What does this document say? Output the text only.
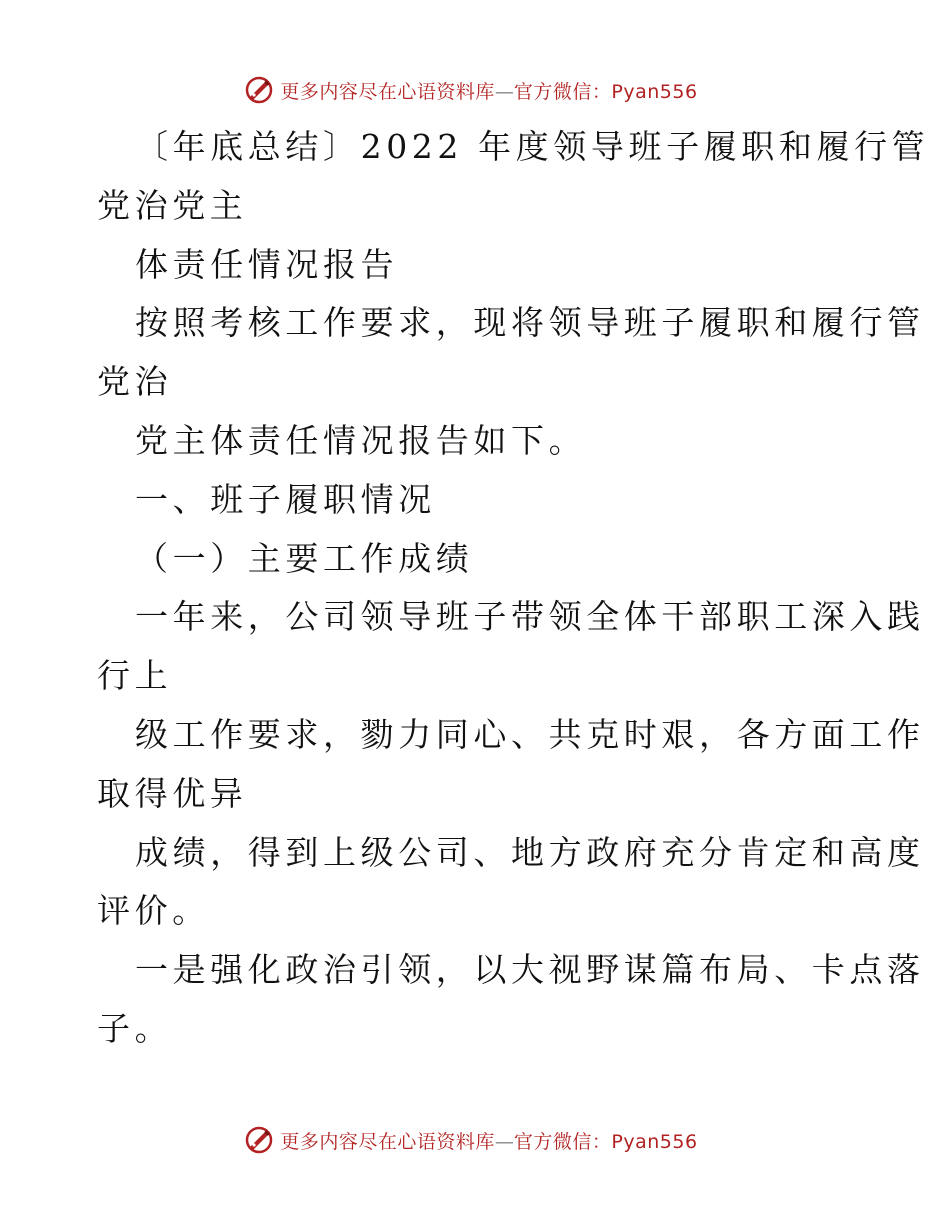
更多内容尽在心语资料库—官方微信：Pyan556
〔年底总结〕2022 年度领导班子履职和履行管
党治党主
体责任情况报告
按照考核工作要求，现将领导班子履职和履行管
党治
党主体责任情况报告如下。
一、班子履职情况
（一）主要工作成绩
一年来，公司领导班子带领全体干部职工深入践
行上
级工作要求，勠力同心、共克时艰，各方面工作
取得优异
成绩，得到上级公司、地方政府充分肯定和高度
评价。
一是强化政治引领，以大视野谋篇布局、卡点落
子。
更多内容尽在心语资料库—官方微信：Pyan556
